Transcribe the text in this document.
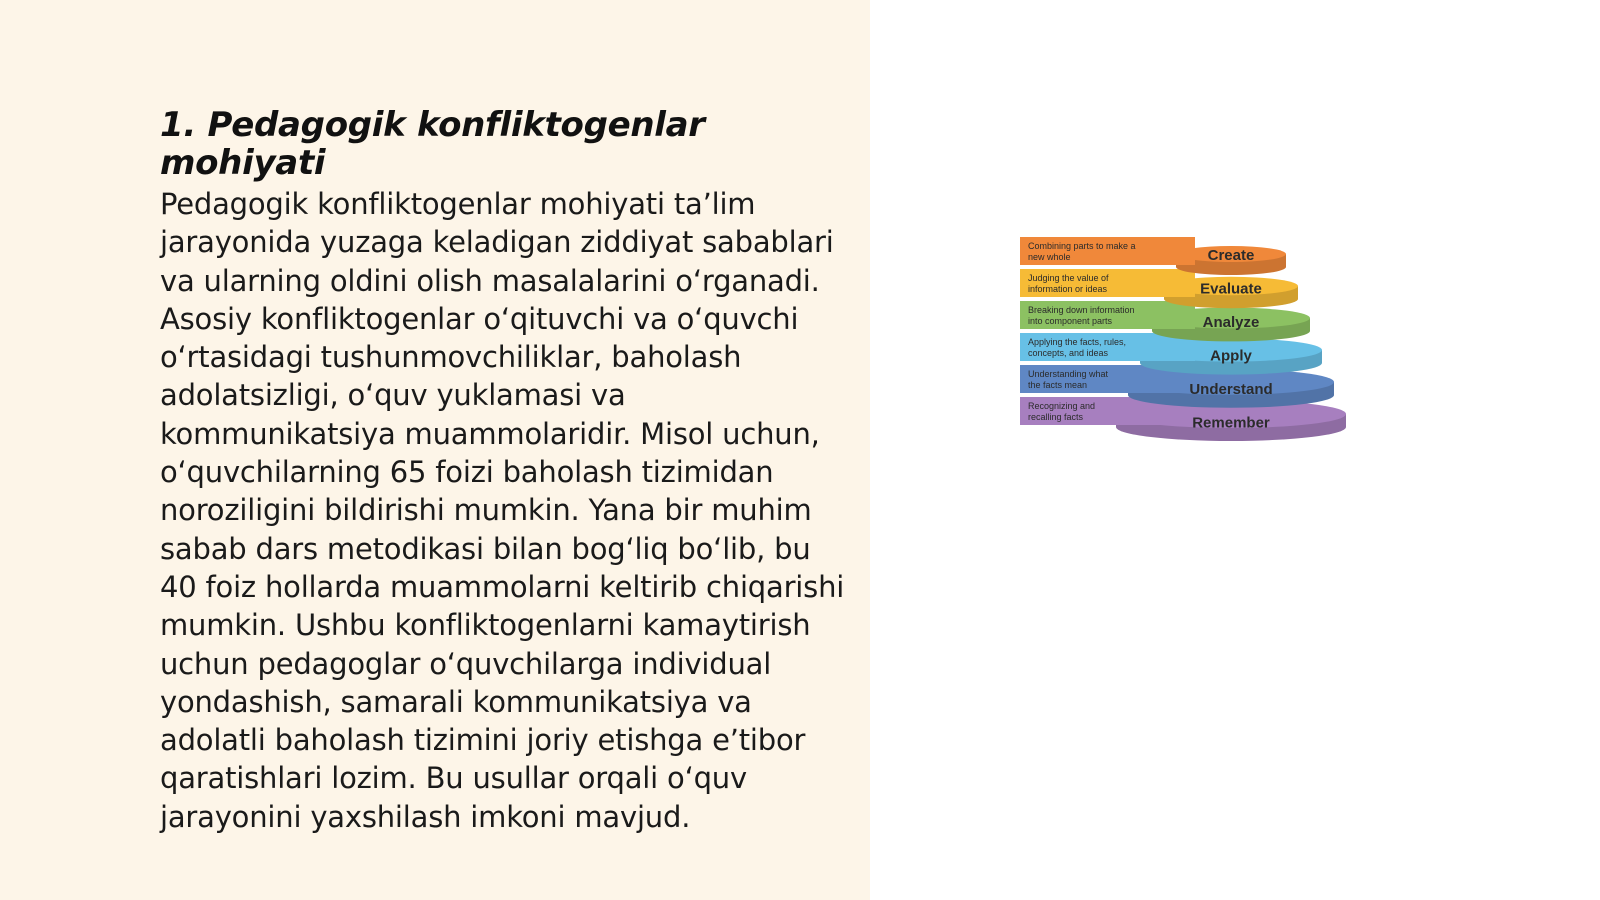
1. Pedagogik konfliktogenlar mohiyati

Pedagogik konfliktogenlar mohiyati ta’lim jarayonida yuzaga keladigan ziddiyat sabablari va ularning oldini olish masalalarini o‘rganadi. Asosiy konfliktogenlar o‘qituvchi va o‘quvchi o‘rtasidagi tushunmovchiliklar, baholash adolatsizligi, o‘quv yuklamasi va kommunikatsiya muammolaridir. Misol uchun, o‘quvchilarning 65 foizi baholash tizimidan noroziligini bildirishi mumkin. Yana bir muhim sabab dars metodikasi bilan bog‘liq bo‘lib, bu 40 foiz hollarda muammolarni keltirib chiqarishi mumkin. Ushbu konfliktogenlarni kamaytirish uchun pedagoglar o‘quvchilarga individual yondashish, samarali kommunikatsiya va adolatli baholash tizimini joriy etishga e’tibor qaratishlari lozim. Bu usullar orqali o‘quv jarayonini yaxshilash imkoni mavjud.

Recognizing and
recalling facts
Understanding what
the facts mean
Applying the facts, rules,
concepts, and ideas
Breaking down information
into component parts
Judging the value of
information or ideas
Combining parts to make a
new whole	Create
Evaluate
Analyze
Apply
Understand
Remember
